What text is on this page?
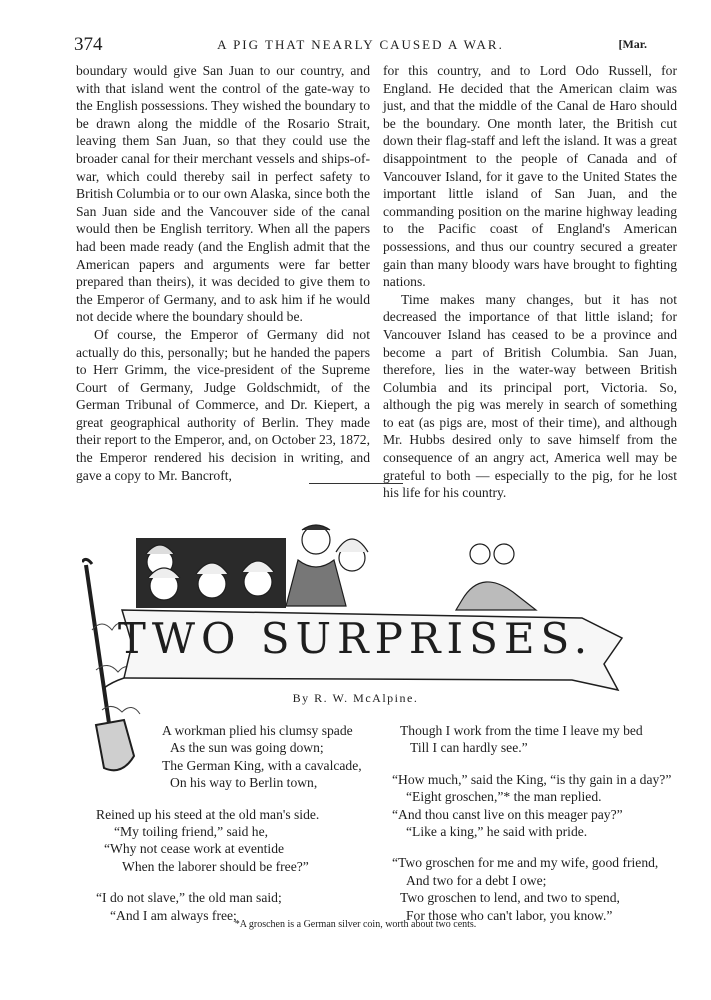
374	A PIG THAT NEARLY CAUSED A WAR.	[Mar.

boundary would give San Juan to our country, and with that island went the control of the gate-way to the English possessions. They wished the boundary to be drawn along the middle of the Rosario Strait, leaving them San Juan, so that they could use the broader canal for their merchant vessels and ships-of-war, which could thereby sail in perfect safety to British Columbia or to our own Alaska, since both the San Juan side and the Vancouver side of the canal would then be English territory. When all the papers had been made ready (and the English admit that the American papers and arguments were far better prepared than theirs), it was decided to give them to the Emperor of Germany, and to ask him if he would not decide where the boundary should be.

Of course, the Emperor of Germany did not actually do this, personally; but he handed the papers to Herr Grimm, the vice-president of the Supreme Court of Germany, Judge Goldschmidt, of the German Tribunal of Commerce, and Dr. Kiepert, a great geographical authority of Berlin. They made their report to the Emperor, and, on October 23, 1872, the Emperor rendered his decision in writing, and gave a copy to Mr. Bancroft,

for this country, and to Lord Odo Russell, for England. He decided that the American claim was just, and that the middle of the Canal de Haro should be the boundary. One month later, the British cut down their flag-staff and left the island. It was a great disappointment to the people of Canada and of Vancouver Island, for it gave to the United States the important little island of San Juan, and the commanding position on the marine highway leading to the Pacific coast of England's American possessions, and thus our country secured a greater gain than many bloody wars have brought to fighting nations.

Time makes many changes, but it has not decreased the importance of that little island; for Vancouver Island has ceased to be a province and become a part of British Columbia. San Juan, therefore, lies in the water-way between British Columbia and its principal port, Victoria. So, although the pig was merely in search of something to eat (as pigs are, most of their time), and although Mr. Hubbs desired only to save himself from the consequence of an angry act, America well may be grateful to both — especially to the pig, for he lost his life for his country.

TWO SURPRISES.
By R. W. McAlpine.
A workman plied his clumsy spade
As the sun was going down;
The German King, with a cavalcade,
On his way to Berlin town,
Reined up his steed at the old man's side.
“My toiling friend,” said he,
“Why not cease work at eventide
When the laborer should be free?”
“I do not slave,” the old man said;
“And I am always free;
Though I work from the time I leave my bed
Till I can hardly see.”
“How much,” said the King, “is thy gain in a day?”
“Eight groschen,”* the man replied.
“And thou canst live on this meager pay?”
“Like a king,” he said with pride.
“Two groschen for me and my wife, good friend,
And two for a debt I owe;
Two groschen to lend, and two to spend,
For those who can't labor, you know.”
*A groschen is a German silver coin, worth about two cents.
